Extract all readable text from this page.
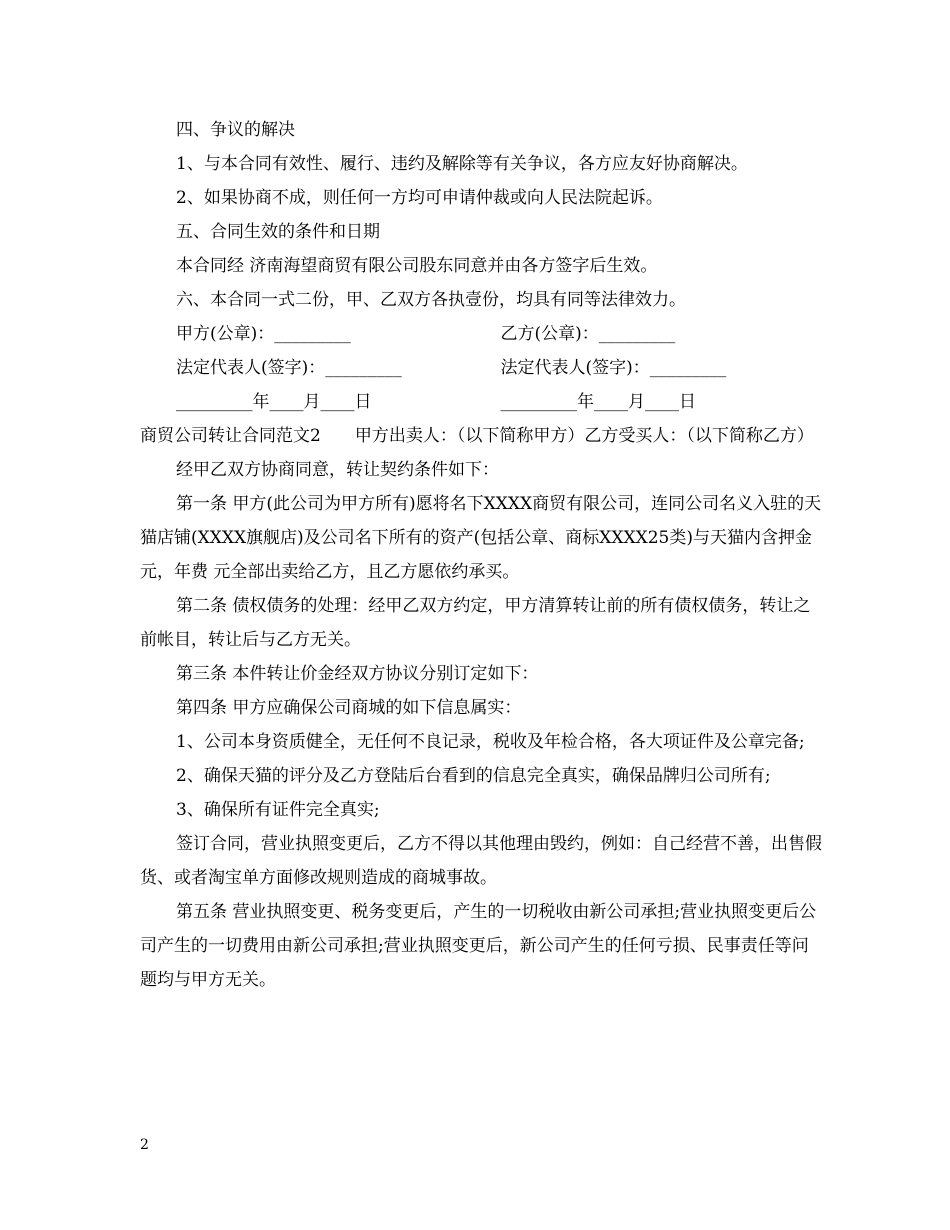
四、争议的解决

1、与本合同有效性、履行、违约及解除等有关争议，各方应友好协商解决。

2、如果协商不成，则任何一方均可申请仲裁或向人民法院起诉。

五、合同生效的条件和日期

本合同经 济南海望商贸有限公司股东同意并由各方签字后生效。

六、本合同一式二份，甲、乙双方各执壹份，均具有同等法律效力。

甲方(公章)：_________	乙方(公章)：_________
法定代表人(签字)：_________	法定代表人(签字)：_________
_________年____月____日	_________年____月____日

商贸公司转让合同范文2　　甲方出卖人：（以下简称甲方）乙方受买人：（以下简称乙方）

经甲乙双方协商同意，转让契约条件如下：

第一条 甲方(此公司为甲方所有)愿将名下XXXX商贸有限公司，连同公司名义入驻的天猫店铺(XXXX旗舰店)及公司名下所有的资产(包括公章、商标XXXX25类)与天猫内含押金 元，年费 元全部出卖给乙方，且乙方愿依约承买。

第二条 债权债务的处理：经甲乙双方约定，甲方清算转让前的所有债权债务，转让之前帐目，转让后与乙方无关。

第三条 本件转让价金经双方协议分别订定如下：

第四条 甲方应确保公司商城的如下信息属实：

1、公司本身资质健全，无任何不良记录，税收及年检合格，各大项证件及公章完备;

2、确保天猫的评分及乙方登陆后台看到的信息完全真实，确保品牌归公司所有;

3、确保所有证件完全真实;

签订合同，营业执照变更后，乙方不得以其他理由毁约，例如：自己经营不善，出售假货、或者淘宝单方面修改规则造成的商城事故。

第五条 营业执照变更、税务变更后，产生的一切税收由新公司承担;营业执照变更后公司产生的一切费用由新公司承担;营业执照变更后，新公司产生的任何亏损、民事责任等问题均与甲方无关。

2
